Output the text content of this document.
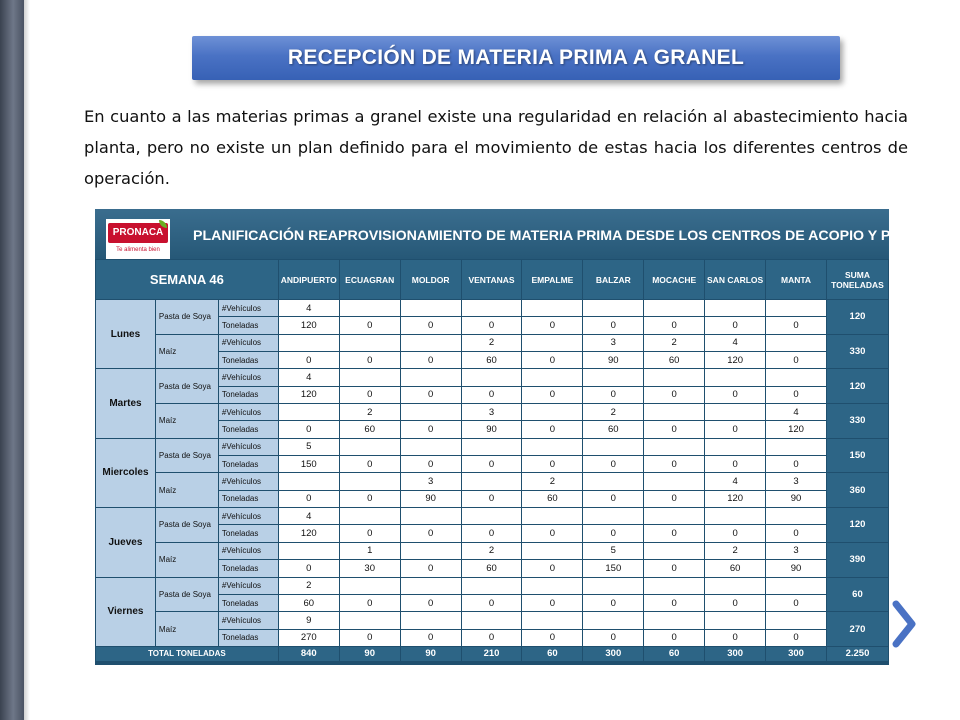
RECEPCIÓN DE MATERIA PRIMA A GRANEL

En cuanto a las materias primas a granel existe una regularidad en relación al abastecimiento hacia planta, pero no existe un plan definido para el movimiento de estas hacia los diferentes centros de operación.

PRONACA
Te alimenta bien
PLANIFICACIÓN REAPROVISIONAMIENTO DE MATERIA PRIMA DESDE LOS CENTROS DE ACOPIO Y PUERTOS
SEMANA 46			ANDIPUERTO	ECUAGRAN	MOLDOR	VENTANAS	EMPALME	BALZAR	MOCACHE	SAN CARLOS	MANTA	SUMA
TONELADAS

Lunes	Pasta de Soya	#Vehículos	4									120
		Toneladas	120	0	0	0	0	0	0	0	0	
	Maíz	#Vehículos				2		3	2	4		330
		Toneladas	0	0	0	60	0	90	60	120	0	
Martes	Pasta de Soya	#Vehículos	4									120
		Toneladas	120	0	0	0	0	0	0	0	0	
	Maíz	#Vehículos		2		3		2			4	330
		Toneladas	0	60	0	90	0	60	0	0	120	
Miercoles	Pasta de Soya	#Vehículos	5									150
		Toneladas	150	0	0	0	0	0	0	0	0	
	Maíz	#Vehículos			3		2			4	3	360
		Toneladas	0	0	90	0	60	0	0	120	90	
Jueves	Pasta de Soya	#Vehículos	4									120
		Toneladas	120	0	0	0	0	0	0	0	0	
	Maíz	#Vehículos		1		2		5		2	3	390
		Toneladas	0	30	0	60	0	150	0	60	90	
Viernes	Pasta de Soya	#Vehículos	2									60
		Toneladas	60	0	0	0	0	0	0	0	0	
	Maíz	#Vehículos	9									270
		Toneladas	270	0	0	0	0	0	0	0	0	
TOTAL TONELADAS			840	90	90	210	60	300	60	300	300	2.250
